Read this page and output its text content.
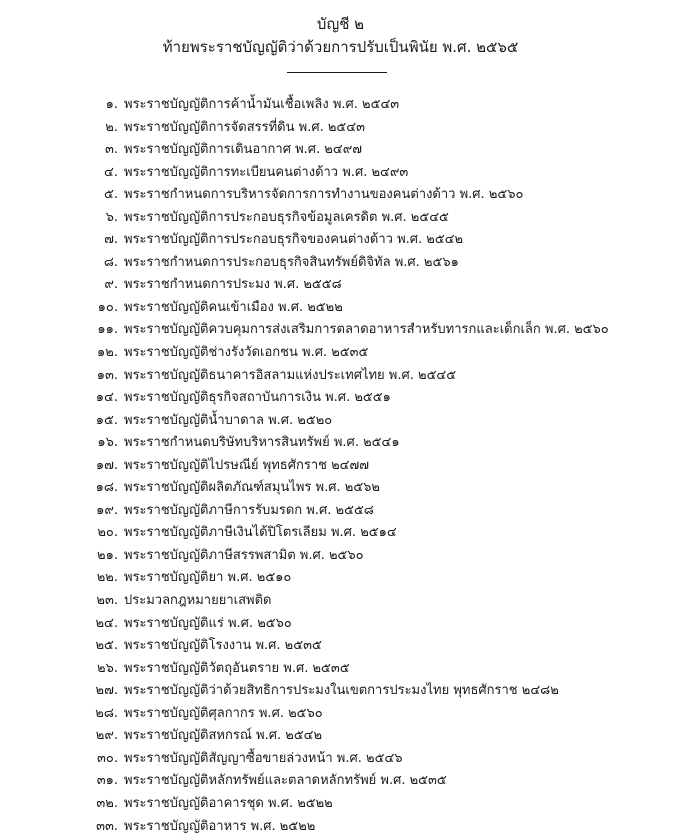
บัญชี ๒
ท้ายพระราชบัญญัติว่าด้วยการปรับเป็นพินัย พ.ศ. ๒๕๖๕
๑. พระราชบัญญัติการค้าน้ำมันเชื้อเพลิง พ.ศ. ๒๕๔๓
๒. พระราชบัญญัติการจัดสรรที่ดิน พ.ศ. ๒๕๔๓
๓. พระราชบัญญัติการเดินอากาศ พ.ศ. ๒๔๙๗
๔. พระราชบัญญัติการทะเบียนคนต่างด้าว พ.ศ. ๒๔๙๓
๕. พระราชกำหนดการบริหารจัดการการทำงานของคนต่างด้าว พ.ศ. ๒๕๖๐
๖. พระราชบัญญัติการประกอบธุรกิจข้อมูลเครดิต พ.ศ. ๒๕๔๕
๗. พระราชบัญญัติการประกอบธุรกิจของคนต่างด้าว พ.ศ. ๒๕๔๒
๘. พระราชกำหนดการประกอบธุรกิจสินทรัพย์ดิจิทัล พ.ศ. ๒๕๖๑
๙. พระราชกำหนดการประมง พ.ศ. ๒๕๕๘
๑๐. พระราชบัญญัติคนเข้าเมือง พ.ศ. ๒๕๒๒
๑๑. พระราชบัญญัติควบคุมการส่งเสริมการตลาดอาหารสำหรับทารกและเด็กเล็ก พ.ศ. ๒๕๖๐
๑๒. พระราชบัญญัติช่างรังวัดเอกชน พ.ศ. ๒๕๓๕
๑๓. พระราชบัญญัติธนาคารอิสลามแห่งประเทศไทย พ.ศ. ๒๕๔๕
๑๔. พระราชบัญญัติธุรกิจสถาบันการเงิน พ.ศ. ๒๕๕๑
๑๕. พระราชบัญญัติน้ำบาดาล พ.ศ. ๒๕๒๐
๑๖. พระราชกำหนดบริษัทบริหารสินทรัพย์ พ.ศ. ๒๕๔๑
๑๗. พระราชบัญญัติไปรษณีย์ พุทธศักราช ๒๔๗๗
๑๘. พระราชบัญญัติผลิตภัณฑ์สมุนไพร พ.ศ. ๒๕๖๒
๑๙. พระราชบัญญัติภาษีการรับมรดก พ.ศ. ๒๕๕๘
๒๐. พระราชบัญญัติภาษีเงินได้ปิโตรเลียม พ.ศ. ๒๕๑๔
๒๑. พระราชบัญญัติภาษีสรรพสามิต พ.ศ. ๒๕๖๐
๒๒. พระราชบัญญัติยา พ.ศ. ๒๕๑๐
๒๓. ประมวลกฎหมายยาเสพติด
๒๔. พระราชบัญญัติแร่ พ.ศ. ๒๕๖๐
๒๕. พระราชบัญญัติโรงงาน พ.ศ. ๒๕๓๕
๒๖. พระราชบัญญัติวัตถุอันตราย พ.ศ. ๒๕๓๕
๒๗. พระราชบัญญัติว่าด้วยสิทธิการประมงในเขตการประมงไทย พุทธศักราช ๒๔๘๒
๒๘. พระราชบัญญัติศุลกากร พ.ศ. ๒๕๖๐
๒๙. พระราชบัญญัติสหกรณ์ พ.ศ. ๒๕๔๒
๓๐. พระราชบัญญัติสัญญาซื้อขายล่วงหน้า พ.ศ. ๒๕๔๖
๓๑. พระราชบัญญัติหลักทรัพย์และตลาดหลักทรัพย์ พ.ศ. ๒๕๓๕
๓๒. พระราชบัญญัติอาคารชุด พ.ศ. ๒๕๒๒
๓๓. พระราชบัญญัติอาหาร พ.ศ. ๒๕๒๒
